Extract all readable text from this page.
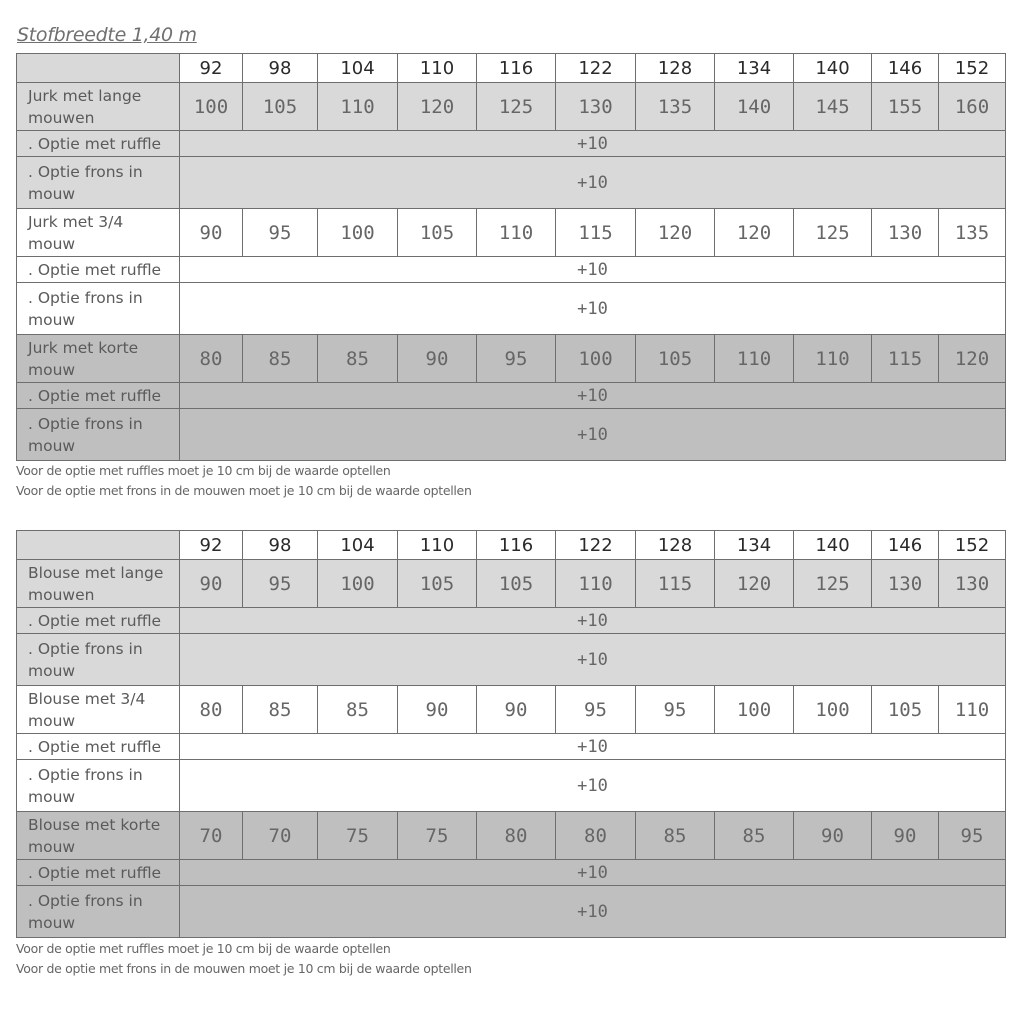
Stofbreedte 1,40 m
	92	98	104	110	116	122	128	134	140	146	152
Jurk met lange mouwen	100	105	110	120	125	130	135	140	145	155	160
. Optie met ruffle	+10										
. Optie frons in mouw	+10										
Jurk met 3/4 mouw	90	95	100	105	110	115	120	120	125	130	135
. Optie met ruffle	+10										
. Optie frons in mouw	+10										
Jurk met korte mouw	80	85	85	90	95	100	105	110	110	115	120
. Optie met ruffle	+10										
. Optie frons in mouw	+10										
Voor de optie met ruffles moet je 10 cm bij de waarde optellen
Voor de optie met frons in de mouwen moet je 10 cm bij de waarde optellen
	92	98	104	110	116	122	128	134	140	146	152
Blouse met lange mouwen	90	95	100	105	105	110	115	120	125	130	130
. Optie met ruffle	+10										
. Optie frons in mouw	+10										
Blouse met 3/4 mouw	80	85	85	90	90	95	95	100	100	105	110
. Optie met ruffle	+10										
. Optie frons in mouw	+10										
Blouse met korte mouw	70	70	75	75	80	80	85	85	90	90	95
. Optie met ruffle	+10										
. Optie frons in mouw	+10										
Voor de optie met ruffles moet je 10 cm bij de waarde optellen
Voor de optie met frons in de mouwen moet je 10 cm bij de waarde optellen
